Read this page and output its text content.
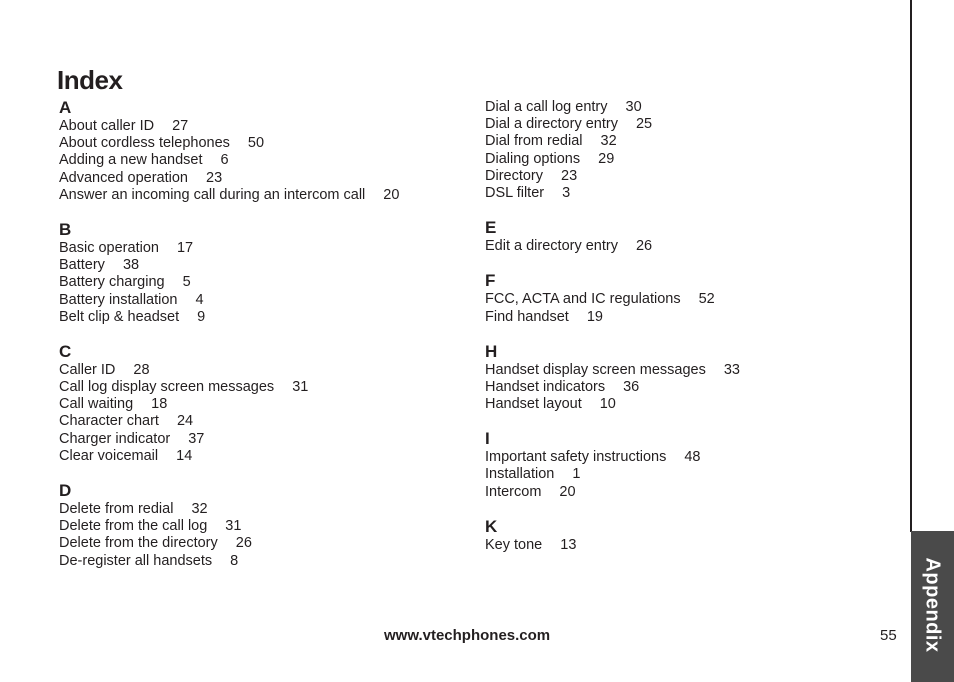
Appendix
Index
A
About caller ID 27
About cordless telephones 50
Adding a new handset 6
Advanced operation 23
Answer an incoming call during an intercom call 20
B
Basic operation 17
Battery 38
Battery charging 5
Battery installation 4
Belt clip & headset 9
C
Caller ID 28
Call log display screen messages 31
Call waiting 18
Character chart 24
Charger indicator 37
Clear voicemail 14
D
Delete from redial 32
Delete from the call log 31
Delete from the directory 26
De-register all handsets 8
Dial a call log entry 30
Dial a directory entry 25
Dial from redial 32
Dialing options 29
Directory 23
DSL filter 3
E
Edit a directory entry 26
F
FCC, ACTA and IC regulations 52
Find handset 19
H
Handset display screen messages 33
Handset indicators 36
Handset layout 10
I
Important safety instructions 48
Installation 1
Intercom 20
K
Key tone 13
www.vtechphones.com	55
